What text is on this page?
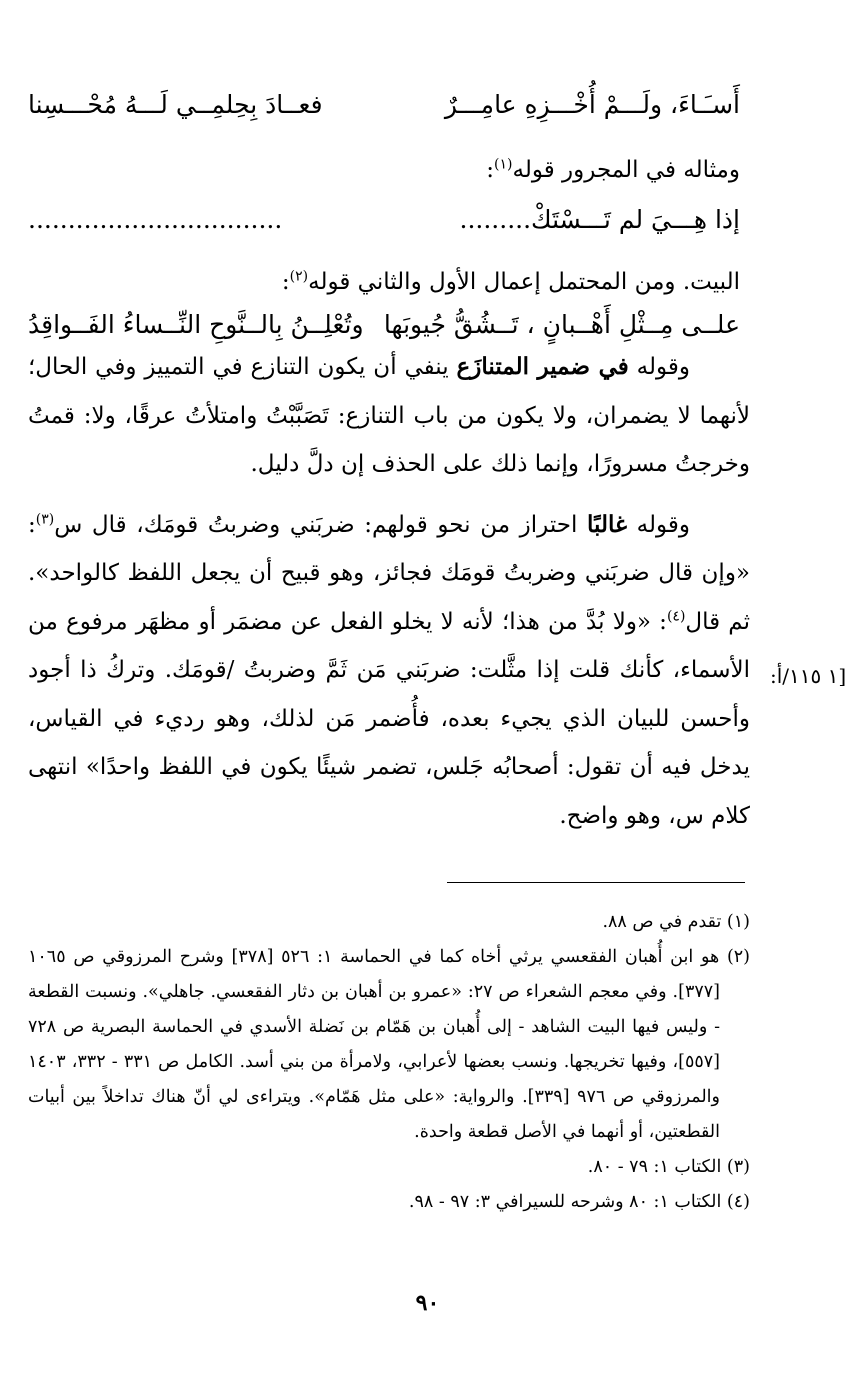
أَسـَـاءَ، ولَـــمْ أُخْـــزِهِ عامِـــرٌ
فعــادَ بِحِلمِــي لَـــهُ مُحْـــسِنا
ومثاله في المجرور قوله$^{(١)}$:
إذا هِـــيَ لم تَـــسْتَكْ.........
................................
البيت. ومن المحتمل إعمال الأول والثاني قوله$^{(٢)}$:
علــى مِــثْلِ أَهْــبانٍ ، تَــشُقُّ جُيوبَها
وتُعْلِــنُ بِالــنَّوحِ النِّــساءُ الفَــواقِدُ

وقوله في ضمير المتنازَع ينفي أن يكون التنازع في التمييز وفي الحال؛ لأنهما لا يضمران، ولا يكون من باب التنازع: تَصَبَّبْتُ وامتلأتُ عرقًا، ولا: قمتُ وخرجتُ مسرورًا، وإنما ذلك على الحذف إن دلَّ دليل.

وقوله غالبًا احتراز من نحو قولهم: ضربَني وضربتُ قومَك، قال س$^{(٣)}$: «وإن قال ضربَني وضربتُ قومَك فجائز، وهو قبيح أن يجعل اللفظ كالواحد». ثم قال$^{(٤)}$: «ولا بُدَّ من هذا؛ لأنه لا يخلو الفعل عن مضمَر أو مظهَر مرفوع من الأسماء، كأنك قلت إذا مثَّلت: ضربَني مَن ثَمَّ وضربتُ /قومَك. وتركُ ذا أجود وأحسن للبيان الذي يجيء بعده، فأُضمر مَن لذلك، وهو رديء في القياس، يدخل فيه أن تقول: أصحابُه جَلس، تضمر شيئًا يكون في اللفظ واحدًا» انتهى كلام س، وهو واضح.

:١ ١١٥/أ]

(١) تقدم في ص ٨٨.

(٢) هو ابن أُهبان الفقعسي يرثي أخاه كما في الحماسة ١: ٥٢٦ [٣٧٨] وشرح المرزوقي ص ١٠٦٥ [٣٧٧]. وفي معجم الشعراء ص ٢٧: «عمرو بن أهبان بن دثار الفقعسي. جاهلي». ونسبت القطعة - وليس فيها البيت الشاهد - إلى أُهبان بن هَمّام بن نَضلة الأسدي في الحماسة البصرية ص ٧٢٨ [٥٥٧]، وفيها تخريجها. ونسب بعضها لأعرابي، ولامرأة من بني أسد. الكامل ص ٣٣١ - ٣٣٢، ١٤٠٣ والمرزوقي ص ٩٧٦ [٣٣٩]. والرواية: «على مثل هَمّام». ويتراءى لي أنّ هناك تداخلاً بين أبيات القطعتين، أو أنهما في الأصل قطعة واحدة.

(٣) الكتاب ١: ٧٩ - ٨٠.

(٤) الكتاب ١: ٨٠ وشرحه للسيرافي ٣: ٩٧ - ٩٨.

٩٠
